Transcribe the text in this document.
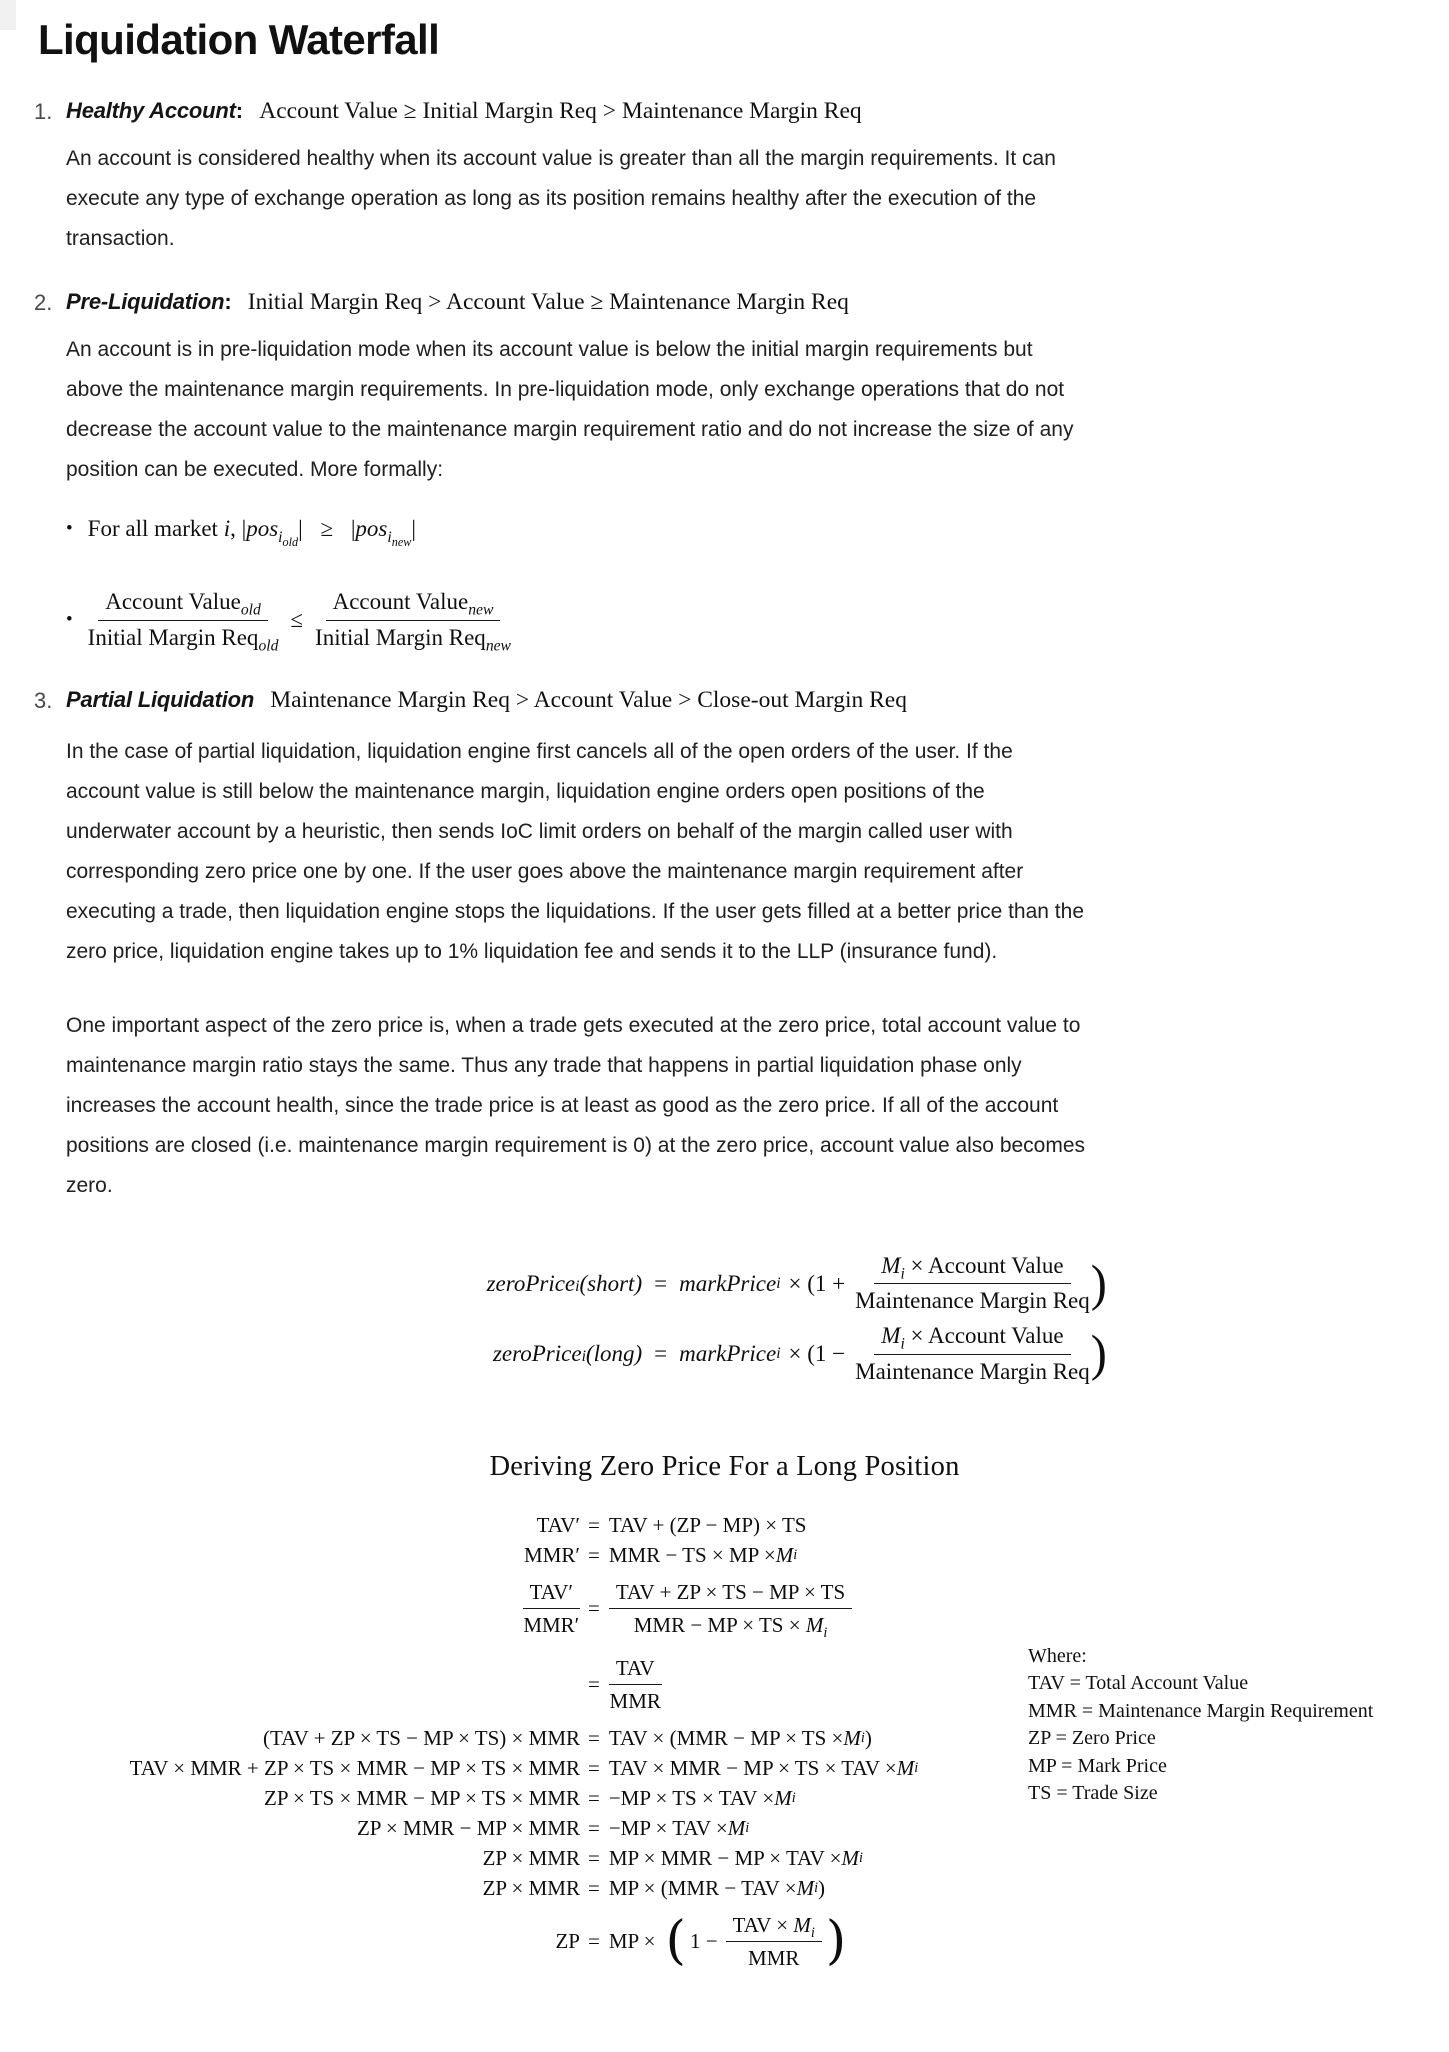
Liquidation Waterfall
1. Healthy Account: Account Value ≥ Initial Margin Req > Maintenance Margin Req

An account is considered healthy when its account value is greater than all the margin requirements. It can execute any type of exchange operation as long as its position remains healthy after the execution of the transaction.

2. Pre-Liquidation: Initial Margin Req > Account Value ≥ Maintenance Margin Req

An account is in pre-liquidation mode when its account value is below the initial margin requirements but above the maintenance margin requirements. In pre-liquidation mode, only exchange operations that do not decrease the account value to the maintenance margin requirement ratio and do not increase the size of any position can be executed. More formally:

• For all market i, |pos$_{i_{old}}$| ≥ |pos$_{i_{new}}$|
• $\frac{Account Value_{old}}{Initial Margin Req_{old}} \le \frac{Account Value_{new}}{Initial Margin Req_{new}}$
3. Partial Liquidation Maintenance Margin Req > Account Value > Close-out Margin Req

In the case of partial liquidation, liquidation engine first cancels all of the open orders of the user. If the account value is still below the maintenance margin, liquidation engine orders open positions of the underwater account by a heuristic, then sends IoC limit orders on behalf of the margin called user with corresponding zero price one by one. If the user goes above the maintenance margin requirement after executing a trade, then liquidation engine stops the liquidations. If the user gets filled at a better price than the zero price, liquidation engine takes up to 1% liquidation fee and sends it to the LLP (insurance fund).

One important aspect of the zero price is, when a trade gets executed at the zero price, total account value to maintenance margin ratio stays the same. Thus any trade that happens in partial liquidation phase only increases the account health, since the trade price is at least as good as the zero price. If all of the account positions are closed (i.e. maintenance margin requirement is 0) at the zero price, account value also becomes zero.

zeroPrice i (short) = markPrice $i \times (1 + \frac{M_i \times Account Value}{\text{Maintenance Margin Req}}$ )
zeroPrice i (long) = markPrice $i \times (1 - \frac{M_i \times Account Value}{\text{Maintenance Margin Req}}$ )
Deriving Zero Price For a Long Position
TAV′ = TAV + (ZP − MP) × TS
MMR′ = MMR − TS × MP × M i
$\frac{\text{TAV′}}{\text{MMR′}} = \frac{\text{TAV + ZP × TS − MP × TS}}{MMR - MP \times TS \times M_i}$
= $\frac{\text{TAV}}{\text{MMR}}$
(TAV + ZP × TS − MP × TS) × MMR = TAV × (MMR − MP × TS × M i )
TAV × MMR + ZP × TS × MMR − MP × TS × MMR = TAV × MMR − MP × TS × TAV × M i
ZP × TS × MMR − MP × TS × MMR = −MP × TS × TAV × M i
ZP × MMR − MP × MMR = −MP × TAV × M i
ZP × MMR = MP × MMR − MP × TAV × M i
ZP × MMR = MP × (MMR − TAV × M i )
ZP = MP × ( $1 - \frac{TAV \times M_i}{\text{MMR}}$ )
Where:
TAV = Total Account Value
MMR = Maintenance Margin Requirement
ZP = Zero Price
MP = Mark Price
TS = Trade Size
